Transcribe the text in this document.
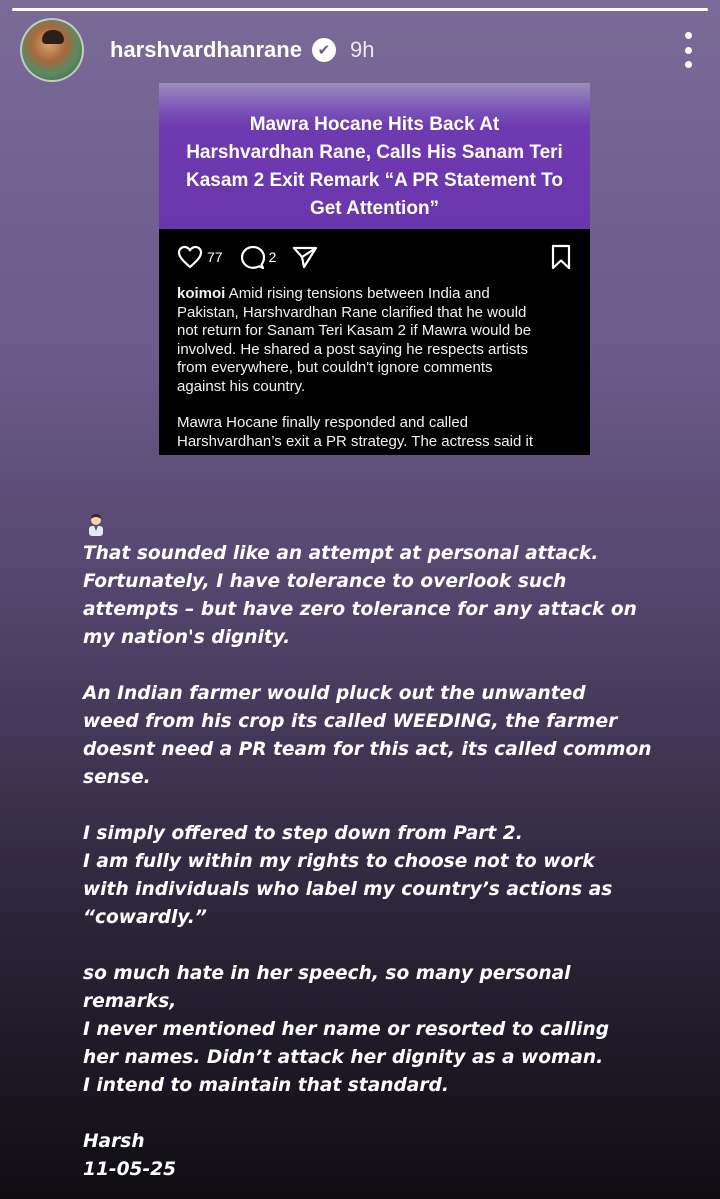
harshvardhanrane	✔ 9h
Mawra Hocane Hits Back At
Harshvardhan Rane, Calls His Sanam Teri
Kasam 2 Exit Remark “A PR Statement To
Get Attention”
77	2

koimoi Amid rising tensions between India and
Pakistan, Harshvardhan Rane clarified that he would
not return for Sanam Teri Kasam 2 if Mawra would be
involved. He shared a post saying he respects artists
from everywhere, but couldn't ignore comments
against his country.

Mawra Hocane finally responded and called
Harshvardhan’s exit a PR strategy. The actress said it

That sounded like an attempt at personal attack.
Fortunately, I have tolerance to overlook such
attempts – but have zero tolerance for any attack on
my nation's dignity.
An Indian farmer would pluck out the unwanted
weed from his crop its called WEEDING, the farmer
doesnt need a PR team for this act, its called common
sense.
I simply offered to step down from Part 2.
I am fully within my rights to choose not to work
with individuals who label my country’s actions as
“cowardly.”
so much hate in her speech, so many personal
remarks,
I never mentioned her name or resorted to calling
her names. Didn’t attack her dignity as a woman.
I intend to maintain that standard.
Harsh
11-05-25
